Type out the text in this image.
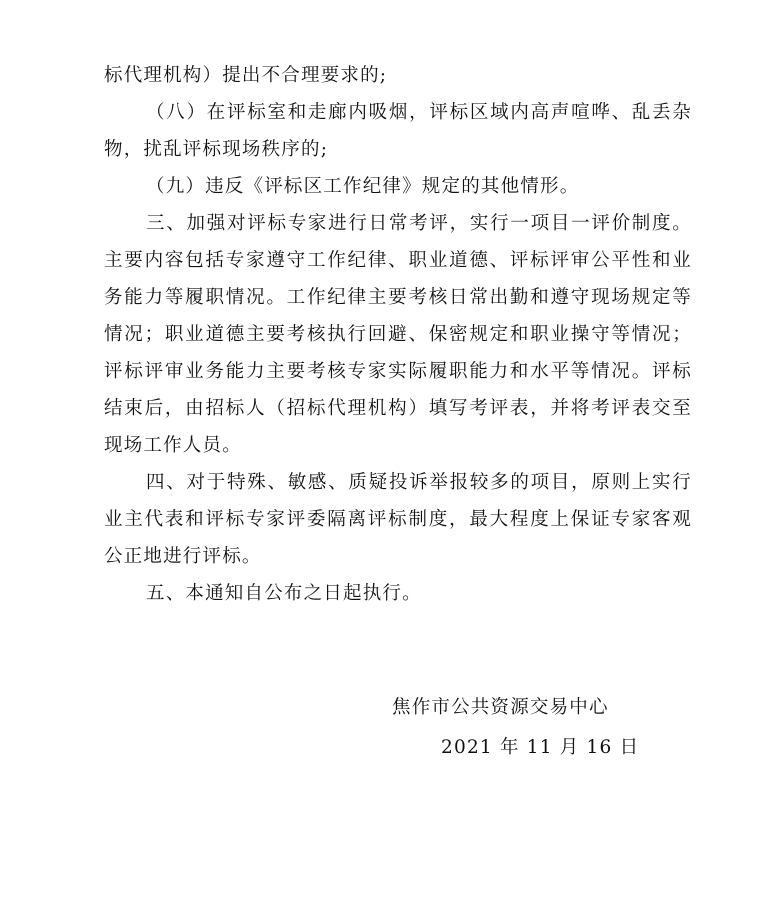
标代理机构）提出不合理要求的;

（八）在评标室和走廊内吸烟，评标区域内高声喧哗、乱丢杂物，扰乱评标现场秩序的;

（九）违反《评标区工作纪律》规定的其他情形。

三、加强对评标专家进行日常考评，实行一项目一评价制度。主要内容包括专家遵守工作纪律、职业道德、评标评审公平性和业务能力等履职情况。工作纪律主要考核日常出勤和遵守现场规定等情况；职业道德主要考核执行回避、保密规定和职业操守等情况；评标评审业务能力主要考核专家实际履职能力和水平等情况。评标结束后，由招标人（招标代理机构）填写考评表，并将考评表交至现场工作人员。

四、对于特殊、敏感、质疑投诉举报较多的项目，原则上实行业主代表和评标专家评委隔离评标制度，最大程度上保证专家客观公正地进行评标。

五、本通知自公布之日起执行。

焦作市公共资源交易中心
2021 年 11 月 16 日
